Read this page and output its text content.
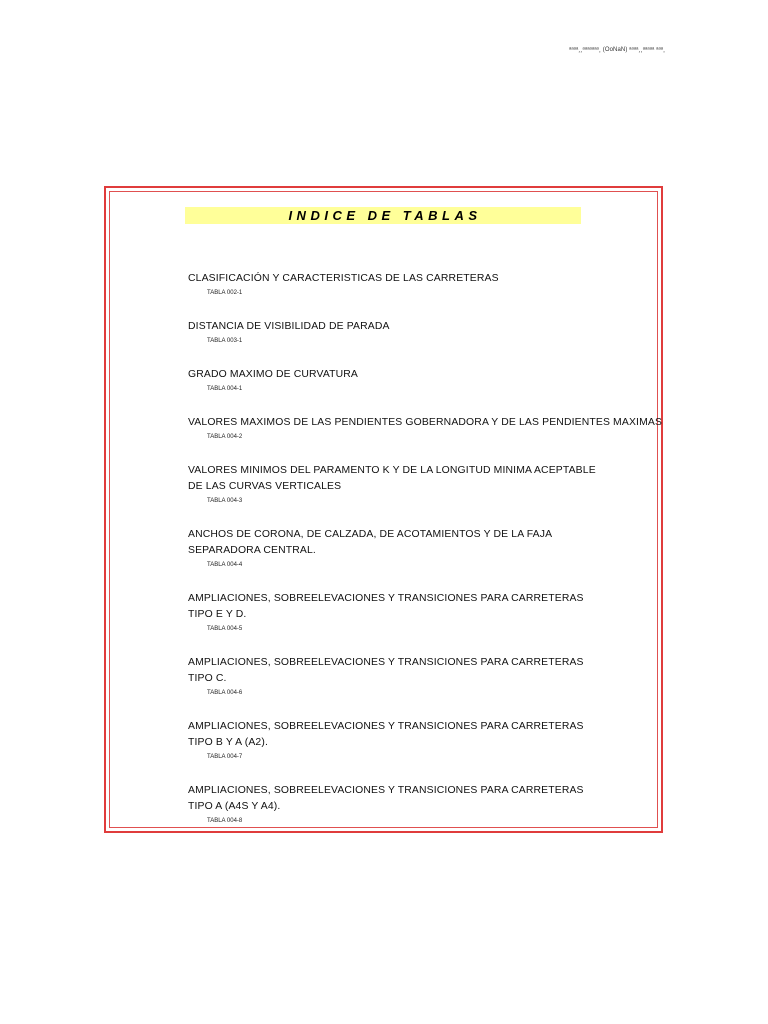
ᵃᵃᵃᵃ¸¸ᵃᵃᵃᵃᵃᵃᵃ¸ (OoNaN) ᵃᵃᵃᵃ¸¸ᵃᵃᵃᵃᵃ ᵃᵃᵃ¸
INDICE DE TABLAS
CLASIFICACIÓN Y CARACTERISTICAS DE LAS CARRETERAS
TABLA 002-1
DISTANCIA DE VISIBILIDAD DE PARADA
TABLA 003-1
GRADO MAXIMO DE CURVATURA
TABLA 004-1
VALORES MAXIMOS DE LAS PENDIENTES GOBERNADORA Y DE LAS PENDIENTES MAXIMAS
TABLA 004-2
VALORES MINIMOS DEL PARAMENTO K Y DE LA LONGITUD MINIMA ACEPTABLE
DE LAS CURVAS VERTICALES
TABLA 004-3
ANCHOS DE CORONA, DE CALZADA, DE ACOTAMIENTOS Y DE LA FAJA
SEPARADORA CENTRAL.
TABLA 004-4
AMPLIACIONES, SOBREELEVACIONES Y TRANSICIONES PARA CARRETERAS
TIPO E Y D.
TABLA 004-5
AMPLIACIONES, SOBREELEVACIONES Y TRANSICIONES PARA CARRETERAS
TIPO C.
TABLA 004-6
AMPLIACIONES, SOBREELEVACIONES Y TRANSICIONES PARA CARRETERAS
TIPO B Y A (A2).
TABLA 004-7
AMPLIACIONES, SOBREELEVACIONES Y TRANSICIONES PARA CARRETERAS
TIPO A (A4S Y A4).
TABLA 004-8
